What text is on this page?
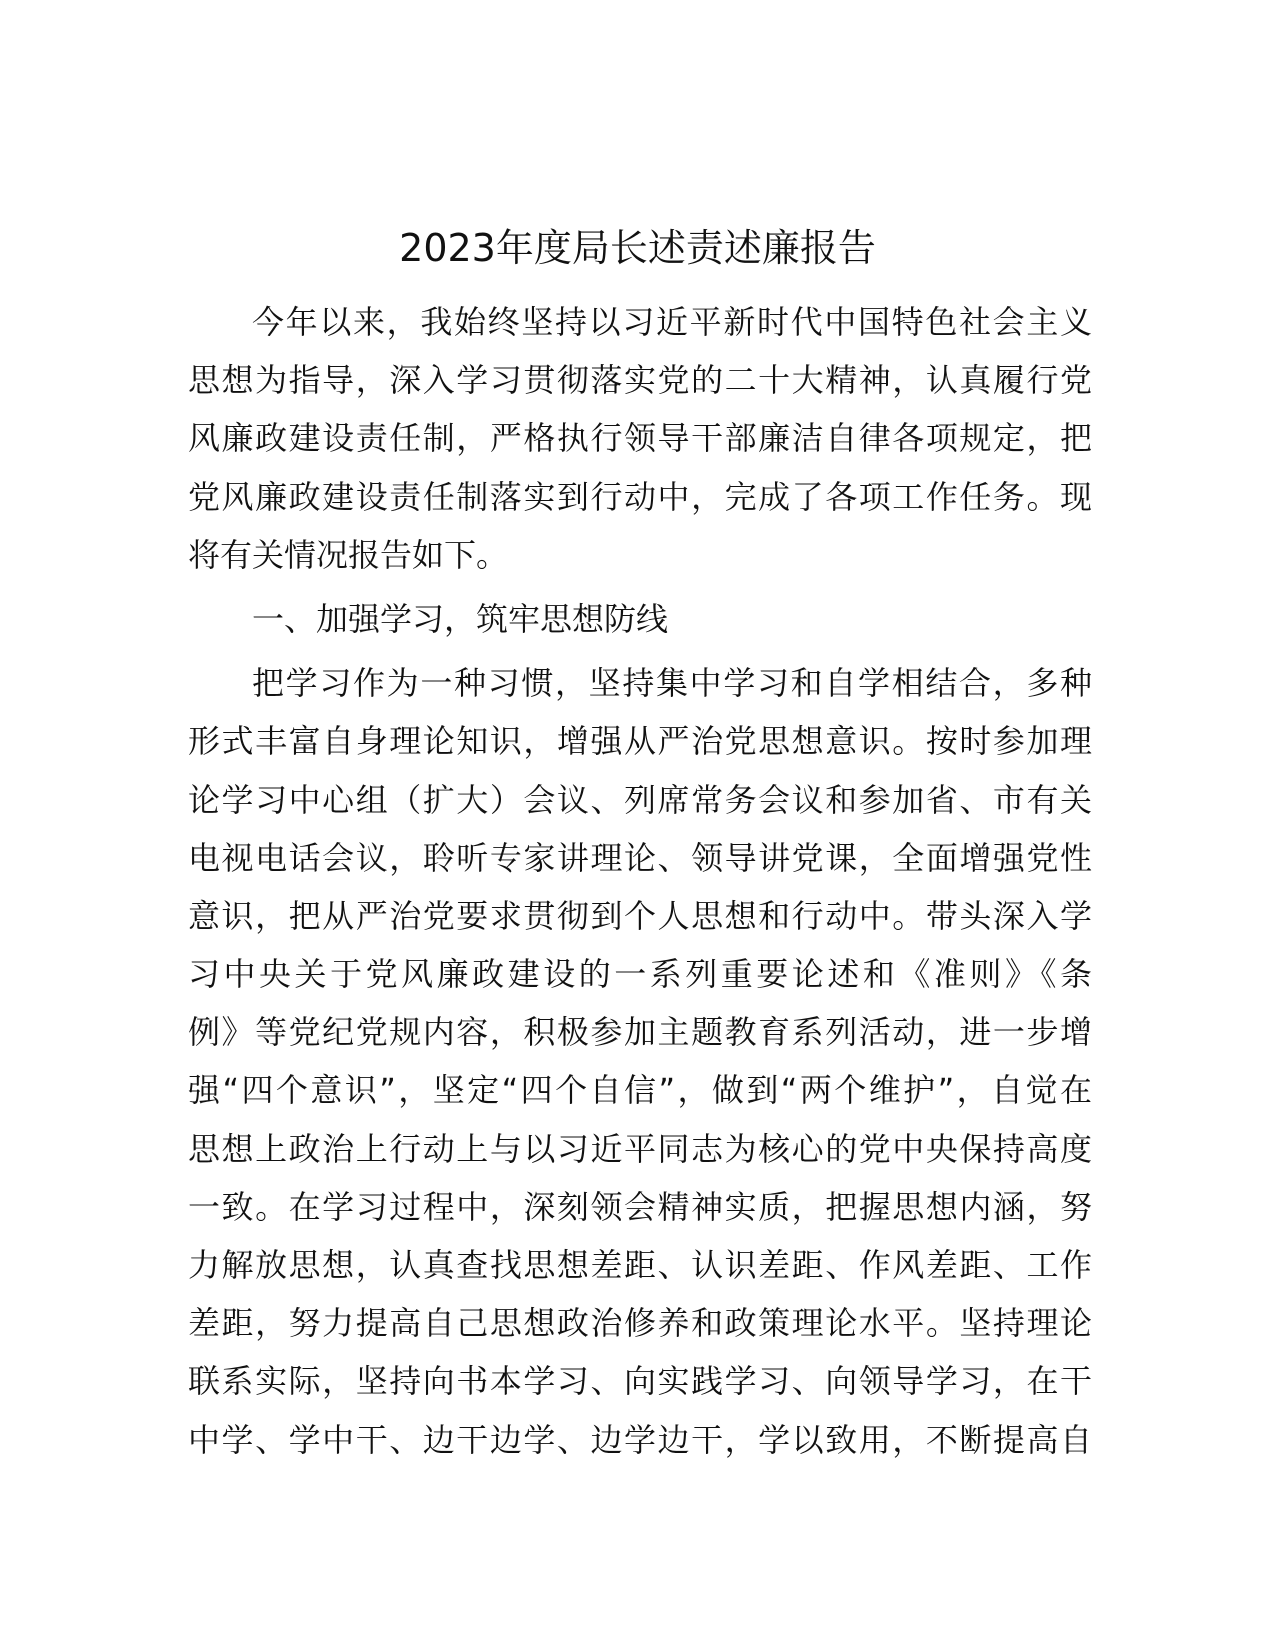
2023年度局长述责述廉报告
今年以来，我始终坚持以习近平新时代中国特色社会主义
思想为指导，深入学习贯彻落实党的二十大精神，认真履行党
风廉政建设责任制，严格执行领导干部廉洁自律各项规定，把
党风廉政建设责任制落实到行动中，完成了各项工作任务。现
将有关情况报告如下。
一、加强学习，筑牢思想防线
把学习作为一种习惯，坚持集中学习和自学相结合，多种
形式丰富自身理论知识，增强从严治党思想意识。按时参加理
论学习中心组（扩大）会议、列席常务会议和参加省、市有关
电视电话会议，聆听专家讲理论、领导讲党课，全面增强党性
意识，把从严治党要求贯彻到个人思想和行动中。带头深入学
习中央关于党风廉政建设的一系列重要论述和《准则》《条
例》等党纪党规内容，积极参加主题教育系列活动，进一步增
强“四个意识”，坚定“四个自信”，做到“两个维护”，自觉在
思想上政治上行动上与以习近平同志为核心的党中央保持高度
一致。在学习过程中，深刻领会精神实质，把握思想内涵，努
力解放思想，认真查找思想差距、认识差距、作风差距、工作
差距，努力提高自己思想政治修养和政策理论水平。坚持理论
联系实际，坚持向书本学习、向实践学习、向领导学习，在干
中学、学中干、边干边学、边学边干，学以致用，不断提高自
